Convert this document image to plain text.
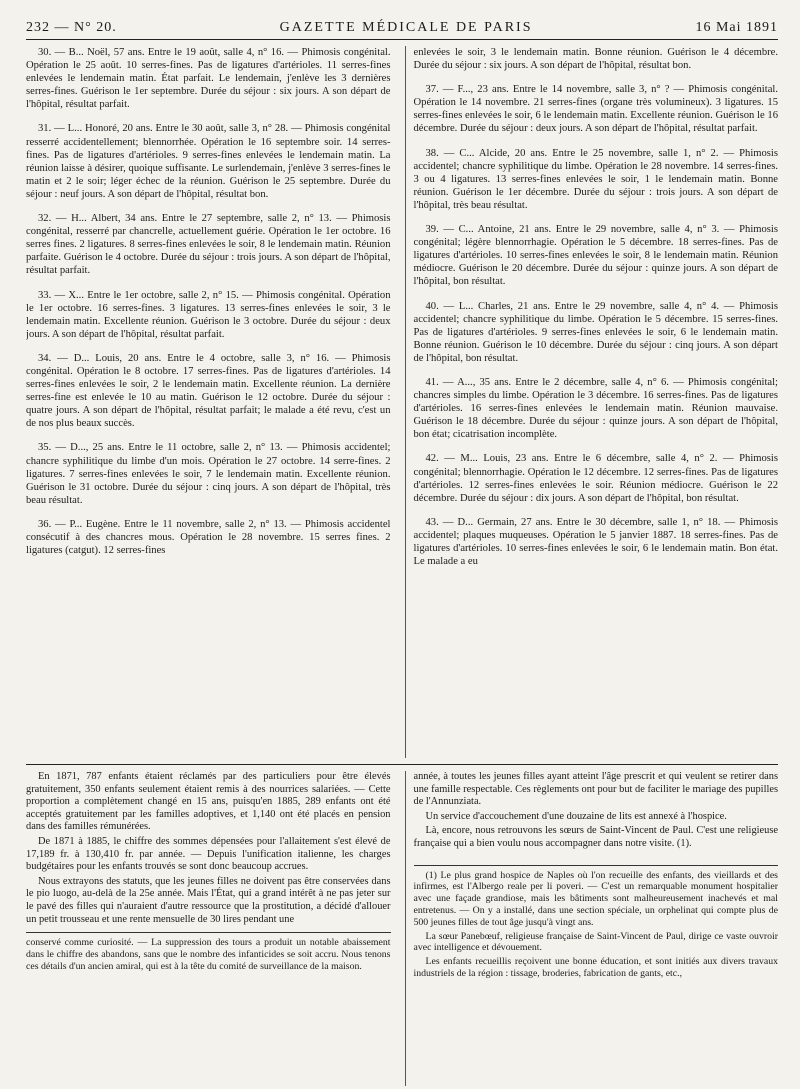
232 — N° 20.	GAZETTE MÉDICALE DE PARIS	16 Mai 1891

30. — B... Noël, 57 ans. Entre le 19 août, salle 4, n° 16. — Phimosis congénital. Opération le 25 août. 10 serres-fines. Pas de ligatures d'artérioles. 11 serres-fines enlevées le lendemain matin. État parfait. Le lendemain, j'enlève les 3 dernières serres-fines. Guérison le 1er septembre. Durée du séjour : six jours. A son départ de l'hôpital, résultat parfait.

31. — L... Honoré, 20 ans. Entre le 30 août, salle 3, n° 28. — Phimosis congénital resserré accidentellement; blennorrhée. Opération le 16 septembre soir. 14 serres-fines. Pas de ligatures d'artérioles. 9 serres-fines enlevées le lendemain matin. La réunion laisse à désirer, quoique suffisante. Le surlendemain, j'enlève 3 serres-fines le matin et 2 le soir; léger échec de la réunion. Guérison le 25 septembre. Durée du séjour : neuf jours. A son départ de l'hôpital, résultat bon.

32. — H... Albert, 34 ans. Entre le 27 septembre, salle 2, n° 13. — Phimosis congénital, resserré par chancrelle, actuellement guérie. Opération le 1er octobre. 16 serres fines. 2 ligatures. 8 serres-fines enlevées le soir, 8 le lendemain matin. Réunion parfaite. Guérison le 4 octobre. Durée du séjour : trois jours. A son départ de l'hôpital, résultat parfait.

33. — X... Entre le 1er octobre, salle 2, n° 15. — Phimosis congénital. Opération le 1er octobre. 16 serres-fines. 3 ligatures. 13 serres-fines enlevées le soir, 3 le lendemain matin. Excellente réunion. Guérison le 3 octobre. Durée du séjour : deux jours. A son départ de l'hôpital, résultat parfait.

34. — D... Louis, 20 ans. Entre le 4 octobre, salle 3, n° 16. — Phimosis congénital. Opération le 8 octobre. 17 serres-fines. Pas de ligatures d'artérioles. 14 serres-fines enlevées le soir, 2 le lendemain matin. Excellente réunion. La dernière serres-fine est enlevée le 10 au matin. Guérison le 12 octobre. Durée du séjour : quatre jours. A son départ de l'hôpital, résultat parfait; le malade a été revu, c'est un de nos plus beaux succès.

35. — D..., 25 ans. Entre le 11 octobre, salle 2, n° 13. — Phimosis accidentel; chancre syphilitique du limbe d'un mois. Opération le 27 octobre. 14 serre-fines. 2 ligatures. 7 serres-fines enlevées le soir, 7 le lendemain matin. Excellente réunion. Guérison le 31 octobre. Durée du séjour : cinq jours. A son départ de l'hôpital, très beau résultat.

36. — P... Eugène. Entre le 11 novembre, salle 2, n° 13. — Phimosis accidentel consécutif à des chancres mous. Opération le 28 novembre. 15 serres fines. 2 ligatures (catgut). 12 serres-fines

enlevées le soir, 3 le lendemain matin. Bonne réunion. Guérison le 4 décembre. Durée du séjour : six jours. A son départ de l'hôpital, résultat bon.

37. — F..., 23 ans. Entre le 14 novembre, salle 3, n° ? — Phimosis congénital. Opération le 14 novembre. 21 serres-fines (organe très volumineux). 3 ligatures. 15 serres-fines enlevées le soir, 6 le lendemain matin. Excellente réunion. Guérison le 16 décembre. Durée du séjour : deux jours. A son départ de l'hôpital, résultat parfait.

38. — C... Alcide, 20 ans. Entre le 25 novembre, salle 1, n° 2. — Phimosis accidentel; chancre syphilitique du limbe. Opération le 28 novembre. 14 serres-fines. 3 ou 4 ligatures. 13 serres-fines enlevées le soir, 1 le lendemain matin. Bonne réunion. Guérison le 1er décembre. Durée du séjour : trois jours. A son départ de l'hôpital, très beau résultat.

39. — C... Antoine, 21 ans. Entre le 29 novembre, salle 4, n° 3. — Phimosis congénital; légère blennorrhagie. Opération le 5 décembre. 18 serres-fines. Pas de ligatures d'artérioles. 10 serres-fines enlevées le soir, 8 le lendemain matin. Réunion médiocre. Guérison le 20 décembre. Durée du séjour : quinze jours. A son départ de l'hôpital, bon résultat.

40. — L... Charles, 21 ans. Entre le 29 novembre, salle 4, n° 4. — Phimosis accidentel; chancre syphilitique du limbe. Opération le 5 décembre. 15 serres-fines. Pas de ligatures d'artérioles. 9 serres-fines enlevées le soir, 6 le lendemain matin. Bonne réunion. Guérison le 10 décembre. Durée du séjour : cinq jours. A son départ de l'hôpital, bon résultat.

41. — A..., 35 ans. Entre le 2 décembre, salle 4, n° 6. — Phimosis congénital; chancres simples du limbe. Opération le 3 décembre. 16 serres-fines. Pas de ligatures d'artérioles. 16 serres-fines enlevées le lendemain matin. Réunion mauvaise. Guérison le 18 décembre. Durée du séjour : quinze jours. A son départ de l'hôpital, bon état; cicatrisation incomplète.

42. — M... Louis, 23 ans. Entre le 6 décembre, salle 4, n° 2. — Phimosis congénital; blennorrhagie. Opération le 12 décembre. 12 serres-fines. Pas de ligatures d'artérioles. 12 serres-fines enlevées le soir. Réunion médiocre. Guérison le 22 décembre. Durée du séjour : dix jours. A son départ de l'hôpital, bon résultat.

43. — D... Germain, 27 ans. Entre le 30 décembre, salle 1, n° 18. — Phimosis accidentel; plaques muqueuses. Opération le 5 janvier 1887. 18 serres-fines. Pas de ligatures d'artérioles. 10 serres-fines enlevées le soir, 6 le lendemain matin. Bon état. Le malade a eu

En 1871, 787 enfants étaient réclamés par des particuliers pour être élevés gratuitement, 350 enfants seulement étaient remis à des nourrices salariées. — Cette proportion a complètement changé en 15 ans, puisqu'en 1885, 289 enfants ont été acceptés gratuitement par les familles adoptives, et 1,140 ont été placés en pension dans des familles rémunérées.

De 1871 à 1885, le chiffre des sommes dépensées pour l'allaitement s'est élevé de 17,189 fr. à 130,410 fr. par année. — Depuis l'unification italienne, les charges budgétaires pour les enfants trouvés se sont donc beaucoup accrues.

Nous extrayons des statuts, que les jeunes filles ne doivent pas être conservées dans le pio luogo, au-delà de la 25e année. Mais l'État, qui a grand intérêt à ne pas jeter sur le pavé des filles qui n'auraient d'autre ressource que la prostitution, a décidé d'allouer un petit trousseau et une rente mensuelle de 30 lires pendant une

conservé comme curiosité. — La suppression des tours a produit un notable abaissement dans le chiffre des abandons, sans que le nombre des infanticides se soit accru. Nous tenons ces détails d'un ancien amiral, qui est à la tête du comité de surveillance de la maison.

année, à toutes les jeunes filles ayant atteint l'âge prescrit et qui veulent se retirer dans une famille respectable. Ces règlements ont pour but de faciliter le mariage des pupilles de l'Annunziata.

Un service d'accouchement d'une douzaine de lits est annexé à l'hospice.

Là, encore, nous retrouvons les sœurs de Saint-Vincent de Paul. C'est une religieuse française qui a bien voulu nous accompagner dans notre visite. (1).

(1) Le plus grand hospice de Naples où l'on recueille des enfants, des vieillards et des infirmes, est l'Albergo reale per li poveri. — C'est un remarquable monument hospitalier avec une façade grandiose, mais les bâtiments sont malheureusement inachevés et mal entretenus. — On y a installé, dans une section spéciale, un orphelinat qui compte plus de 500 jeunes filles de tout âge jusqu'à vingt ans.

La sœur Panebœuf, religieuse française de Saint-Vincent de Paul, dirige ce vaste ouvroir avec intelligence et dévouement.

Les enfants recueillis reçoivent une bonne éducation, et sont initiés aux divers travaux industriels de la région : tissage, broderies, fabrication de gants, etc.,
